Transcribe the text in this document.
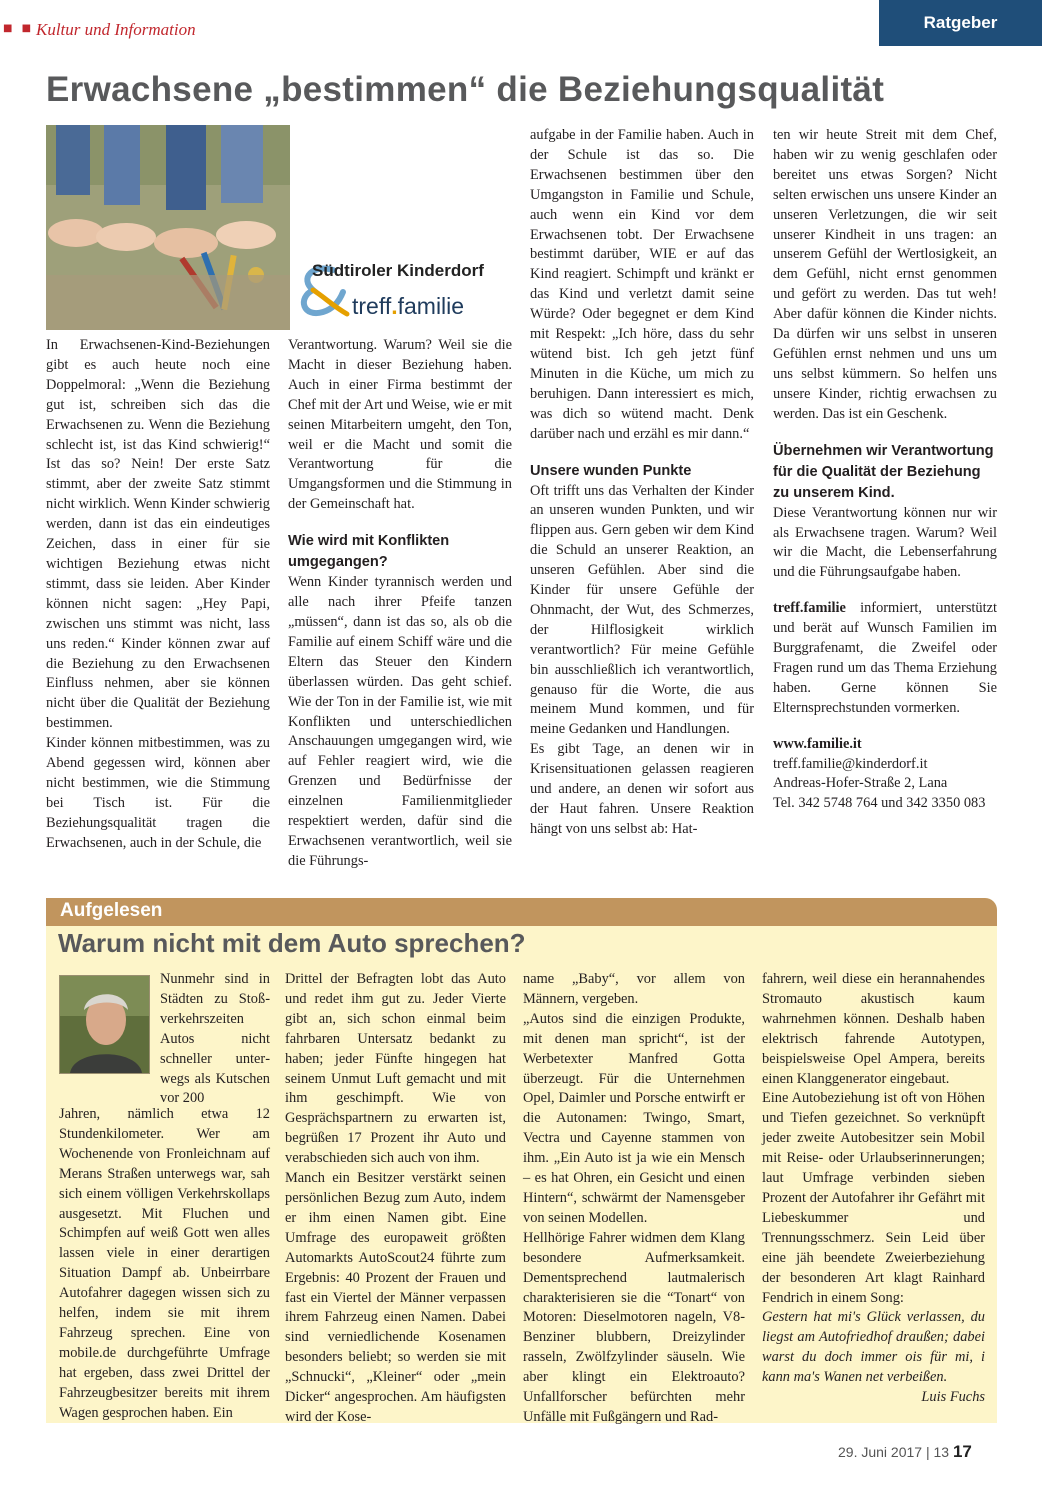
■ ■ Kultur und Information	Ratgeber
Erwachsene „bestimmen“ die Beziehungsqualität
Südtiroler Kinderdorf
treff.familie

In Erwachsenen-Kind-Beziehungen gibt es auch heute noch eine Doppelmoral: „Wenn die Beziehung gut ist, schreiben sich das die Erwachsenen zu. Wenn die Beziehung schlecht ist, ist das Kind schwierig!“ Ist das so? Nein! Der erste Satz stimmt, aber der zweite Satz stimmt nicht wirklich. Wenn Kinder schwierig werden, dann ist das ein eindeutiges Zeichen, dass in einer für sie wichtigen Beziehung etwas nicht stimmt, dass sie leiden. Aber Kinder können nicht sagen: „Hey Papi, zwischen uns stimmt was nicht, lass uns reden.“ Kinder können zwar auf die Beziehung zu den Erwachsenen Einfluss nehmen, aber sie können nicht über die Qualität der Beziehung bestimmen.

Kinder können mitbestimmen, was zu Abend gegessen wird, können aber nicht bestimmen, wie die Stimmung bei Tisch ist. Für die Beziehungsqualität tragen die Erwachsenen, auch in der Schule, die

Verantwortung. Warum? Weil sie die Macht in dieser Beziehung haben. Auch in einer Firma bestimmt der Chef mit der Art und Weise, wie er mit seinen Mitarbeitern umgeht, den Ton, weil er die Macht und somit die Verantwortung für die Umgangsformen und die Stimmung in der Gemeinschaft hat.

Wie wird mit Konflikten umgegangen?

Wenn Kinder tyrannisch werden und alle nach ihrer Pfeife tanzen „müssen“, dann ist das so, als ob die Familie auf einem Schiff wäre und die Eltern das Steuer den Kindern überlassen würden. Das geht schief. Wie der Ton in der Familie ist, wie mit Konflikten und unterschiedlichen Anschauungen umgegangen wird, wie auf Fehler reagiert wird, wie die Grenzen und Bedürfnisse der einzelnen Familienmitglieder respektiert werden, dafür sind die Erwachsenen verantwortlich, weil sie die Führungs-

aufgabe in der Familie haben. Auch in der Schule ist das so. Die Erwachsenen bestimmen über den Umgangston in Familie und Schule, auch wenn ein Kind vor dem Erwachsenen tobt. Der Erwachsene bestimmt darüber, WIE er auf das Kind reagiert. Schimpft und kränkt er das Kind und verletzt damit seine Würde? Oder begegnet er dem Kind mit Respekt: „Ich höre, dass du sehr wütend bist. Ich geh jetzt fünf Minuten in die Küche, um mich zu beruhigen. Dann interessiert es mich, was dich so wütend macht. Denk darüber nach und erzähl es mir dann.“

Unsere wunden Punkte

Oft trifft uns das Verhalten der Kinder an unseren wunden Punkten, und wir flippen aus. Gern geben wir dem Kind die Schuld an unserer Reaktion, an unseren Gefühlen. Aber sind die Kinder für unsere Gefühle der Ohnmacht, der Wut, des Schmerzes, der Hilflosigkeit wirklich verantwortlich? Für meine Gefühle bin ausschließlich ich verantwortlich, genauso für die Worte, die aus meinem Mund kommen, und für meine Gedanken und Handlungen.

Es gibt Tage, an denen wir in Krisensituationen gelassen reagieren und andere, an denen wir sofort aus der Haut fahren. Unsere Reaktion hängt von uns selbst ab: Hat-

ten wir heute Streit mit dem Chef, haben wir zu wenig geschlafen oder bereitet uns etwas Sorgen? Nicht selten erwischen uns unsere Kinder an unseren Verletzungen, die wir seit unserer Kindheit in uns tragen: an unserem Gefühl der Wertlosigkeit, an dem Gefühl, nicht ernst genommen und gefört zu werden. Das tut weh! Aber dafür können die Kinder nichts. Da dürfen wir uns selbst in unseren Gefühlen ernst nehmen und uns um uns selbst kümmern. So helfen uns unsere Kinder, richtig erwachsen zu werden. Das ist ein Geschenk.

Übernehmen wir Verantwortung für die Qualität der Beziehung zu unserem Kind.

Diese Verantwortung können nur wir als Erwachsene tragen. Warum? Weil wir die Macht, die Lebenserfahrung und die Führungsaufgabe haben.

treff.familie informiert, unterstützt und berät auf Wunsch Familien im Burggrafenamt, die Zweifel oder Fragen rund um das Thema Erziehung haben. Gerne können Sie Elternsprechstunden vormerken.

www.familie.it

treff.familie@kinderdorf.it

Andreas-Hofer-Straße 2, Lana

Tel. 342 5748 764 und 342 3350 083

Aufgelesen
Warum nicht mit dem Auto sprechen?

Nunmehr sind in Städten zu Stoßverkehrszeiten Autos nicht schneller unterwegs als Kutschen vor 200

Jahren, nämlich etwa 12 Stundenkilometer. Wer am Wochenende von Fronleichnam auf Merans Straßen unterwegs war, sah sich einem völligen Verkehrskollaps ausgesetzt. Mit Fluchen und Schimpfen auf weiß Gott wen alles lassen viele in einer derartigen Situation Dampf ab. Unbeirrbare Autofahrer dagegen wissen sich zu helfen, indem sie mit ihrem Fahrzeug sprechen. Eine von mobile.de durchgeführte Umfrage hat ergeben, dass zwei Drittel der Fahrzeugbesitzer bereits mit ihrem Wagen gesprochen haben. Ein

Drittel der Befragten lobt das Auto und redet ihm gut zu. Jeder Vierte gibt an, sich schon einmal beim fahrbaren Untersatz bedankt zu haben; jeder Fünfte hingegen hat seinem Unmut Luft gemacht und mit ihm geschimpft. Wie von Gesprächspartnern zu erwarten ist, begrüßen 17 Prozent ihr Auto und verabschieden sich auch von ihm.

Manch ein Besitzer verstärkt seinen persönlichen Bezug zum Auto, indem er ihm einen Namen gibt. Eine Umfrage des europaweit größten Automarkts AutoScout24 führte zum Ergebnis: 40 Prozent der Frauen und fast ein Viertel der Männer verpassen ihrem Fahrzeug einen Namen. Dabei sind verniedlichende Kosenamen besonders beliebt; so werden sie mit „Schnucki“, „Kleiner“ oder „mein Dicker“ angesprochen. Am häufigsten wird der Kose-

name „Baby“, vor allem von Männern, vergeben.

„Autos sind die einzigen Produkte, mit denen man spricht“, ist der Werbetexter Manfred Gotta überzeugt. Für die Unternehmen Opel, Daimler und Porsche entwirft er die Autonamen: Twingo, Smart, Vectra und Cayenne stammen von ihm. „Ein Auto ist ja wie ein Mensch – es hat Ohren, ein Gesicht und einen Hintern“, schwärmt der Namensgeber von seinen Modellen.

Hellhörige Fahrer widmen dem Klang besondere Aufmerksamkeit. Dementsprechend lautmalerisch charakterisieren sie die “Tonart“ von Motoren: Dieselmotoren nageln, V8-Benziner blubbern, Dreizylinder rasseln, Zwölfzylinder säuseln. Wie aber klingt ein Elektroauto? Unfallforscher befürchten mehr Unfälle mit Fußgängern und Rad-

fahrern, weil diese ein herannahendes Stromauto akustisch kaum wahrnehmen können. Deshalb haben elektrisch fahrende Autotypen, beispielsweise Opel Ampera, bereits einen Klanggenerator eingebaut.

Eine Autobeziehung ist oft von Höhen und Tiefen gezeichnet. So verknüpft jeder zweite Autobesitzer sein Mobil mit Reise- oder Urlaubserinnerungen; laut Umfrage verbinden sieben Prozent der Autofahrer ihr Gefährt mit Liebeskummer und Trennungsschmerz. Sein Leid über eine jäh beendete Zweierbeziehung der besonderen Art klagt Rainhard Fendrich in einem Song:

Gestern hat mi's Glück verlassen, du liegst am Autofriedhof draußen; dabei warst du doch immer ois für mi, i kann ma's Wanen net verbeißen.

Luis Fuchs

29. Juni 2017 | 13 17
